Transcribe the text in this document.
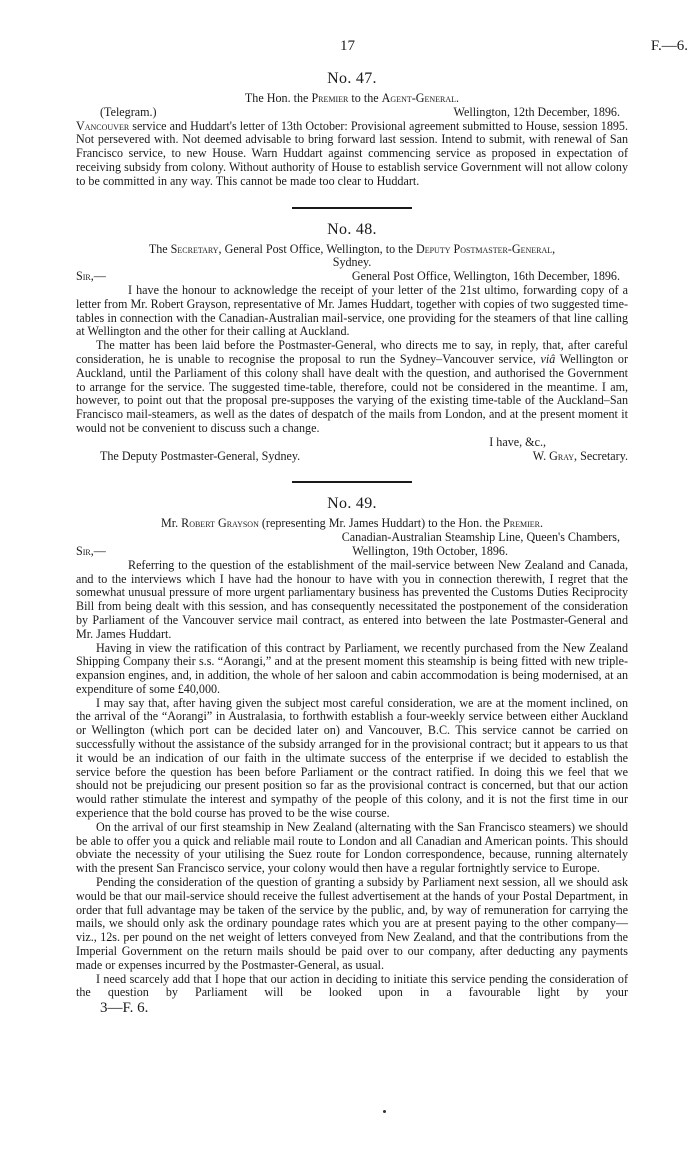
17	F.—6.
No. 47.
The Hon. the Premier to the Agent-General.
(Telegram.)	Wellington, 12th December, 1896.

Vancouver service and Huddart's letter of 13th October: Provisional agreement submitted to House, session 1895. Not persevered with. Not deemed advisable to bring forward last session. Intend to submit, with renewal of San Francisco service, to new House. Warn Huddart against commencing service as proposed in expectation of receiving subsidy from colony. Without authority of House to establish service Government will not allow colony to be committed in any way. This cannot be made too clear to Huddart.

No. 48.
The Secretary, General Post Office, Wellington, to the Deputy Postmaster-General,
Sydney.
Sir,—	General Post Office, Wellington, 16th December, 1896.

I have the honour to acknowledge the receipt of your letter of the 21st ultimo, forwarding copy of a letter from Mr. Robert Grayson, representative of Mr. James Huddart, together with copies of two suggested time-tables in connection with the Canadian-Australian mail-service, one providing for the steamers of that line calling at Wellington and the other for their calling at Auckland.

The matter has been laid before the Postmaster-General, who directs me to say, in reply, that, after careful consideration, he is unable to recognise the proposal to run the Sydney–Vancouver service, viâ Wellington or Auckland, until the Parliament of this colony shall have dealt with the question, and authorised the Government to arrange for the service. The suggested time-table, therefore, could not be considered in the meantime. I am, however, to point out that the proposal pre-supposes the varying of the existing time-table of the Auckland–San Francisco mail-steamers, as well as the dates of despatch of the mails from London, and at the present moment it would not be convenient to discuss such a change.

I have, &c.,
The Deputy Postmaster-General, Sydney.	W. Gray, Secretary.
No. 49.
Mr. Robert Grayson (representing Mr. James Huddart) to the Hon. the Premier.
Canadian-Australian Steamship Line, Queen's Chambers,
Sir,—	Wellington, 19th October, 1896.

Referring to the question of the establishment of the mail-service between New Zealand and Canada, and to the interviews which I have had the honour to have with you in connection therewith, I regret that the somewhat unusual pressure of more urgent parliamentary business has prevented the Customs Duties Reciprocity Bill from being dealt with this session, and has consequently necessitated the postponement of the consideration by Parliament of the Vancouver service mail contract, as entered into between the late Postmaster-General and Mr. James Huddart.

Having in view the ratification of this contract by Parliament, we recently purchased from the New Zealand Shipping Company their s.s. “Aorangi,” and at the present moment this steamship is being fitted with new triple-expansion engines, and, in addition, the whole of her saloon and cabin accommodation is being modernised, at an expenditure of some £40,000.

I may say that, after having given the subject most careful consideration, we are at the moment inclined, on the arrival of the “Aorangi” in Australasia, to forthwith establish a four-weekly service between either Auckland or Wellington (which port can be decided later on) and Vancouver, B.C. This service cannot be carried on successfully without the assistance of the subsidy arranged for in the provisional contract; but it appears to us that it would be an indication of our faith in the ultimate success of the enterprise if we decided to establish the service before the question has been before Parliament or the contract ratified. In doing this we feel that we should not be prejudicing our present position so far as the provisional contract is concerned, but that our action would rather stimulate the interest and sympathy of the people of this colony, and it is not the first time in our experience that the bold course has proved to be the wise course.

On the arrival of our first steamship in New Zealand (alternating with the San Francisco steamers) we should be able to offer you a quick and reliable mail route to London and all Canadian and American points. This should obviate the necessity of your utilising the Suez route for London correspondence, because, running alternately with the present San Francisco service, your colony would then have a regular fortnightly service to Europe.

Pending the consideration of the question of granting a subsidy by Parliament next session, all we should ask would be that our mail-service should receive the fullest advertisement at the hands of your Postal Department, in order that full advantage may be taken of the service by the public, and, by way of remuneration for carrying the mails, we should only ask the ordinary poundage rates which you are at present paying to the other company—viz., 12s. per pound on the net weight of letters conveyed from New Zealand, and that the contributions from the Imperial Government on the return mails should be paid over to our company, after deducting any payments made or expenses incurred by the Postmaster-General, as usual.

I need scarcely add that I hope that our action in deciding to initiate this service pending the consideration of the question by Parliament will be looked upon in a favourable light by your

3—F. 6.
